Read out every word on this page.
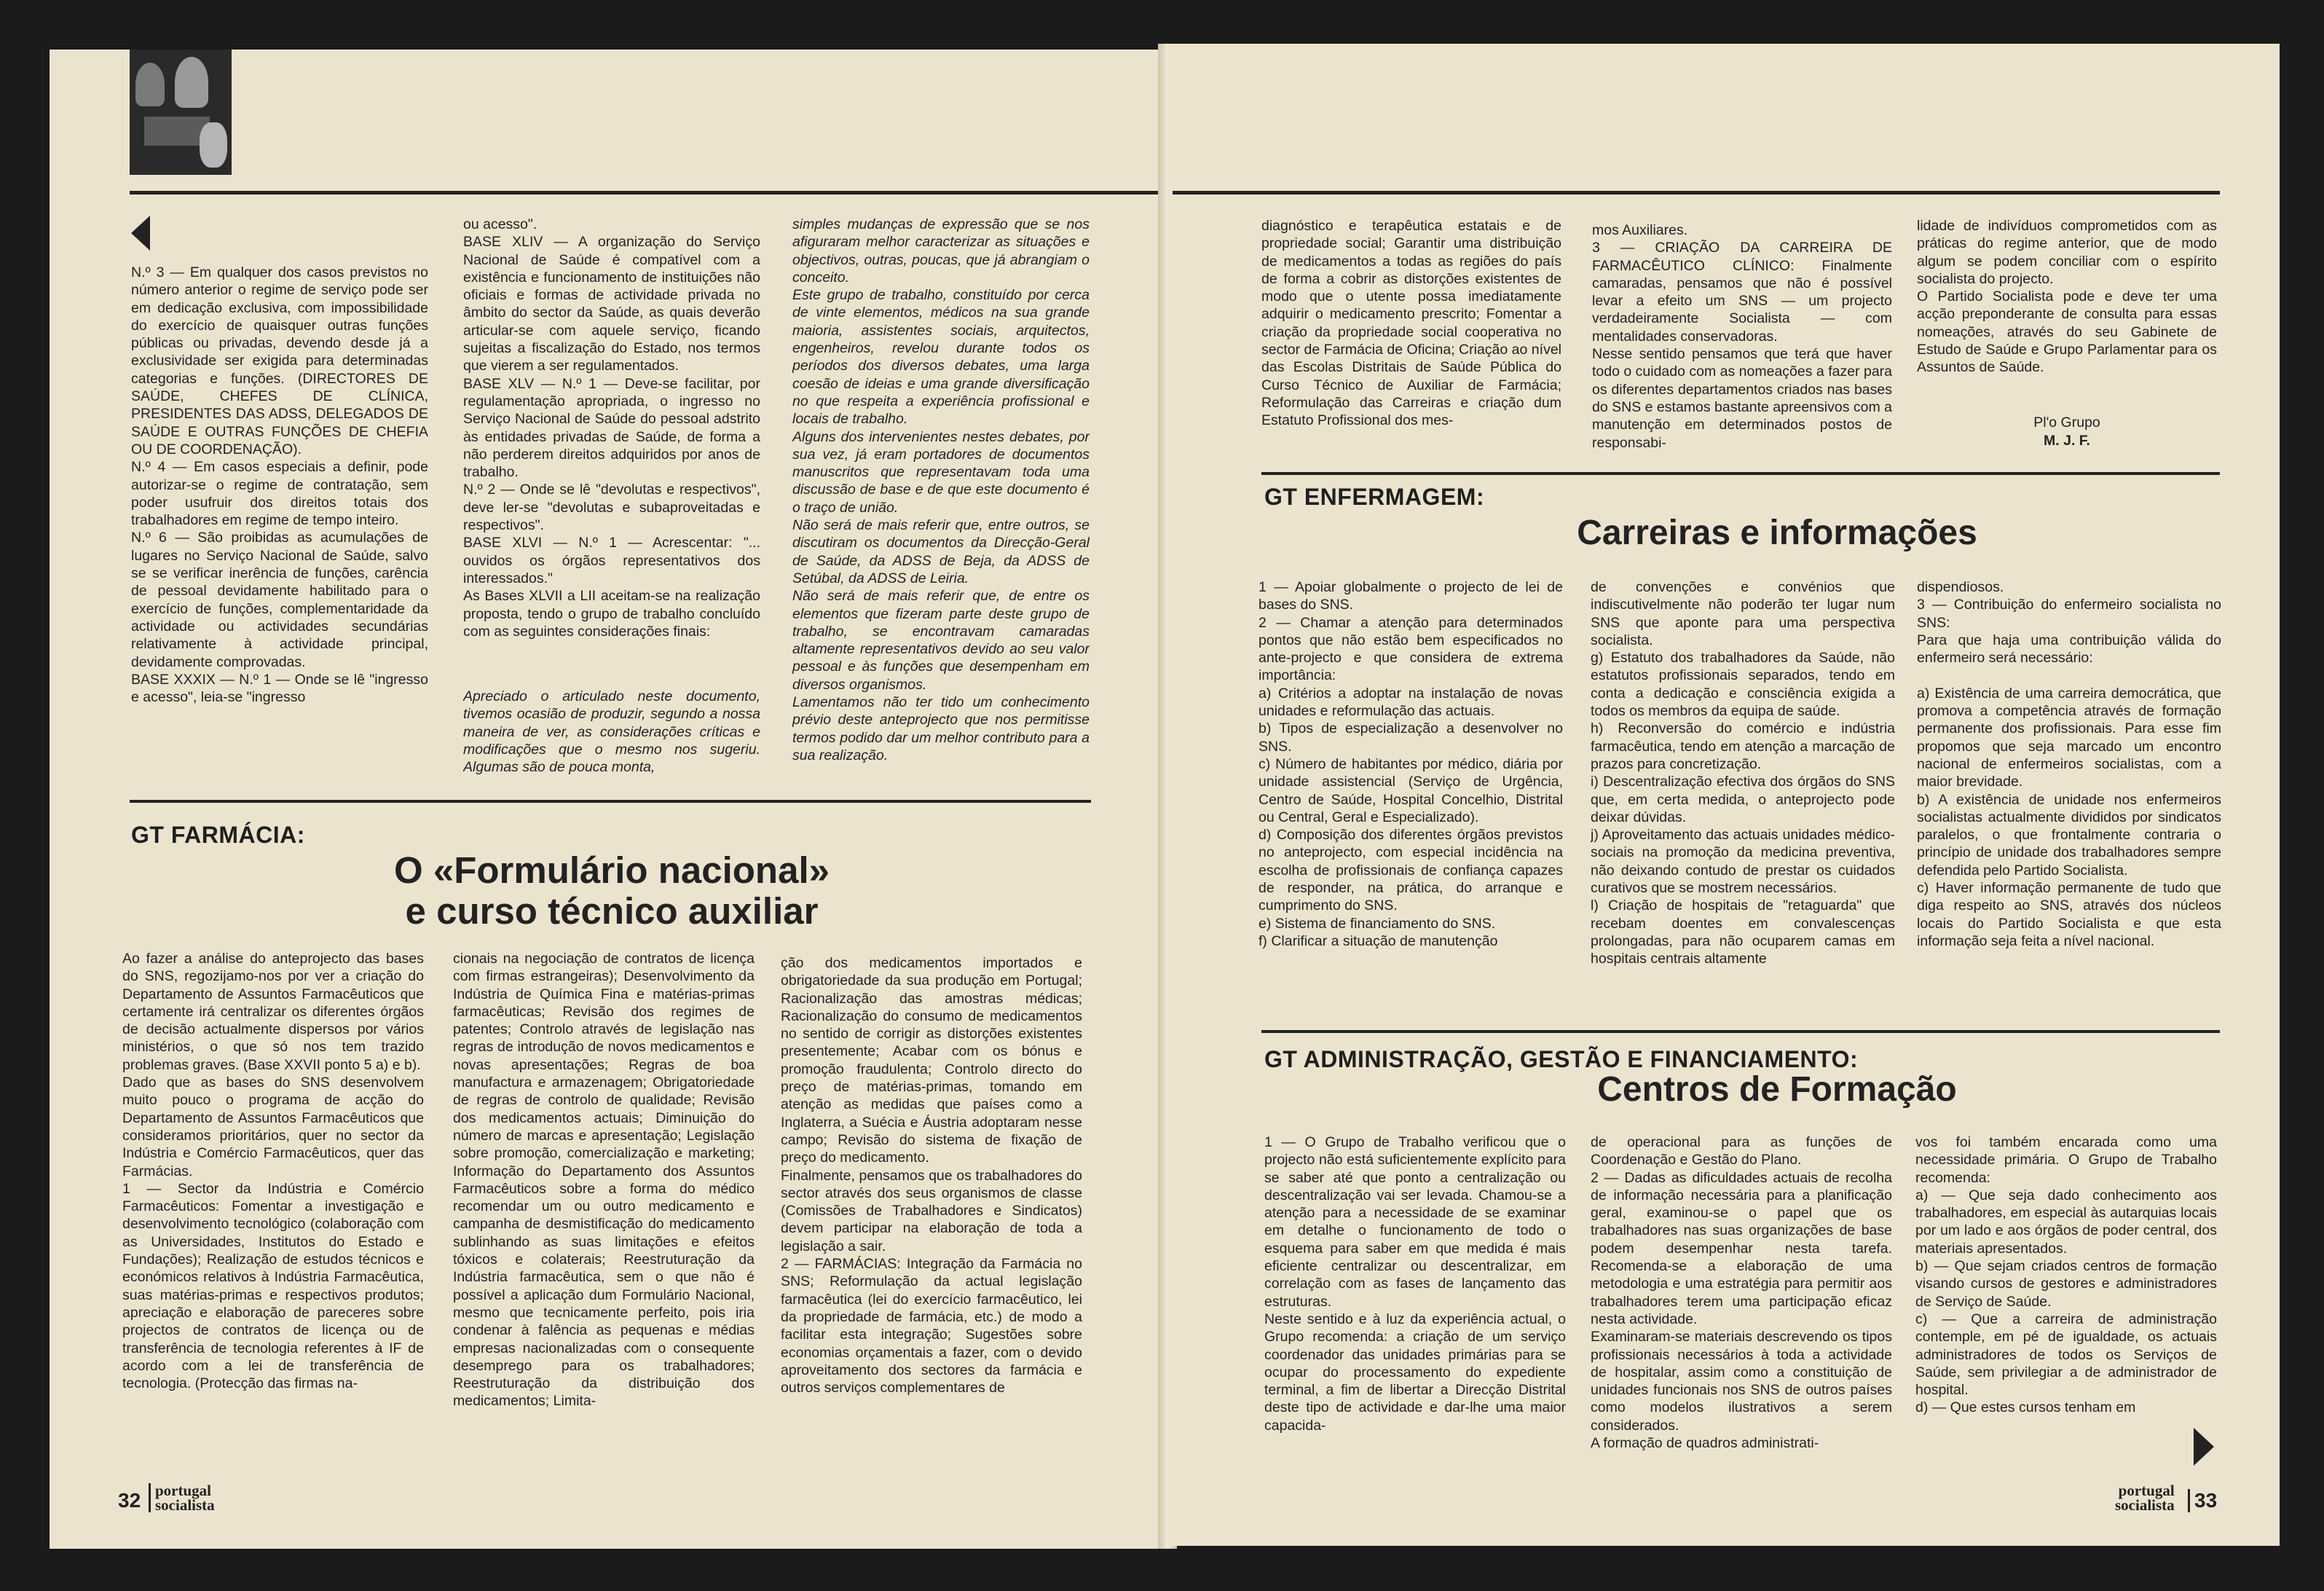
N.º 3 — Em qualquer dos casos previstos no número anterior o regime de serviço pode ser em dedicação exclusiva, com impossibilidade do exercício de quaisquer outras funções públicas ou privadas, devendo desde já a exclusividade ser exigida para determinadas categorias e funções. (DIRECTORES DE SAÚDE, CHEFES DE CLÍNICA, PRESIDENTES DAS ADSS, DELEGADOS DE SAÚDE E OUTRAS FUNÇÕES DE CHEFIA OU DE COORDENAÇÃO).
N.º 4 — Em casos especiais a definir, pode autorizar-se o regime de contratação, sem poder usufruir dos direitos totais dos trabalhadores em regime de tempo inteiro.
N.º 6 — São proibidas as acumulações de lugares no Serviço Nacional de Saúde, salvo se se verificar inerência de funções, carência de pessoal devidamente habilitado para o exercício de funções, complementaridade da actividade ou actividades secundárias relativamente à actividade principal, devidamente comprovadas.
BASE XXXIX — N.º 1 — Onde se lê "ingresso e acesso", leia-se "ingresso
ou acesso".
BASE XLIV — A organização do Serviço Nacional de Saúde é compatível com a existência e funcionamento de instituições não oficiais e formas de actividade privada no âmbito do sector da Saúde, as quais deverão articular-se com aquele serviço, ficando sujeitas a fiscalização do Estado, nos termos que vierem a ser regulamentados.
BASE XLV — N.º 1 — Deve-se facilitar, por regulamentação apropriada, o ingresso no Serviço Nacional de Saúde do pessoal adstrito às entidades privadas de Saúde, de forma a não perderem direitos adquiridos por anos de trabalho.
N.º 2 — Onde se lê "devolutas e respectivos", deve ler-se "devolutas e subaproveitadas e respectivos".
BASE XLVI — N.º 1 — Acrescentar: "... ouvidos os órgãos representativos dos interessados."
As Bases XLVII a LII aceitam-se na realização proposta, tendo o grupo de trabalho concluído com as seguintes considerações finais:
Apreciado o articulado neste documento, tivemos ocasião de produzir, segundo a nossa maneira de ver, as considerações críticas e modificações que o mesmo nos sugeriu. Algumas são de pouca monta,
simples mudanças de expressão que se nos afiguraram melhor caracterizar as situações e objectivos, outras, poucas, que já abrangiam o conceito.
Este grupo de trabalho, constituído por cerca de vinte elementos, médicos na sua grande maioria, assistentes sociais, arquitectos, engenheiros, revelou durante todos os períodos dos diversos debates, uma larga coesão de ideias e uma grande diversificação no que respeita a experiência profissional e locais de trabalho.
Alguns dos intervenientes nestes debates, por sua vez, já eram portadores de documentos manuscritos que representavam toda uma discussão de base e de que este documento é o traço de união.
Não será de mais referir que, entre outros, se discutiram os documentos da Direcção-Geral de Saúde, da ADSS de Beja, da ADSS de Setúbal, da ADSS de Leiria.
Não será de mais referir que, de entre os elementos que fizeram parte deste grupo de trabalho, se encontravam camaradas altamente representativos devido ao seu valor pessoal e às funções que desempenham em diversos organismos.
Lamentamos não ter tido um conhecimento prévio deste anteprojecto que nos permitisse termos podido dar um melhor contributo para a sua realização.
GT FARMÁCIA:
O «Formulário nacional»
e curso técnico auxiliar
Ao fazer a análise do anteprojecto das bases do SNS, regozijamo-nos por ver a criação do Departamento de Assuntos Farmacêuticos que certamente irá centralizar os diferentes órgãos de decisão actualmente dispersos por vários ministérios, o que só nos tem trazido problemas graves. (Base XXVII ponto 5 a) e b).
Dado que as bases do SNS desenvolvem muito pouco o programa de acção do Departamento de Assuntos Farmacêuticos que consideramos prioritários, quer no sector da Indústria e Comércio Farmacêuticos, quer das Farmácias.
1 — Sector da Indústria e Comércio Farmacêuticos: Fomentar a investigação e desenvolvimento tecnológico (colaboração com as Universidades, Institutos do Estado e Fundações); Realização de estudos técnicos e económicos relativos à Indústria Farmacêutica, suas matérias-primas e respectivos produtos; apreciação e elaboração de pareceres sobre projectos de contratos de licença ou de transferência de tecnologia referentes à IF de acordo com a lei de transferência de tecnologia. (Protecção das firmas na-
cionais na negociação de contratos de licença com firmas estrangeiras); Desenvolvimento da Indústria de Química Fina e matérias-primas farmacêuticas; Revisão dos regimes de patentes; Controlo através de legislação nas regras de introdução de novos medicamentos e novas apresentações; Regras de boa manufactura e armazenagem; Obrigatoriedade de regras de controlo de qualidade; Revisão dos medicamentos actuais; Diminuição do número de marcas e apresentação; Legislação sobre promoção, comercialização e marketing; Informação do Departamento dos Assuntos Farmacêuticos sobre a forma do médico recomendar um ou outro medicamento e campanha de desmistificação do medicamento sublinhando as suas limitações e efeitos tóxicos e colaterais; Reestruturação da Indústria farmacêutica, sem o que não é possível a aplicação dum Formulário Nacional, mesmo que tecnicamente perfeito, pois iria condenar à falência as pequenas e médias empresas nacionalizadas com o consequente desemprego para os trabalhadores; Reestruturação da distribuição dos medicamentos; Limita-
ção dos medicamentos importados e obrigatoriedade da sua produção em Portugal; Racionalização das amostras médicas; Racionalização do consumo de medicamentos no sentido de corrigir as distorções existentes presentemente; Acabar com os bónus e promoção fraudulenta; Controlo directo do preço de matérias-primas, tomando em atenção as medidas que países como a Inglaterra, a Suécia e Áustria adoptaram nesse campo; Revisão do sistema de fixação de preço do medicamento.
Finalmente, pensamos que os trabalhadores do sector através dos seus organismos de classe (Comissões de Trabalhadores e Sindicatos) devem participar na elaboração de toda a legislação a sair.
2 — FARMÁCIAS: Integração da Farmácia no SNS; Reformulação da actual legislação farmacêutica (lei do exercício farmacêutico, lei da propriedade de farmácia, etc.) de modo a facilitar esta integração; Sugestões sobre economias orçamentais a fazer, com o devido aproveitamento dos sectores da farmácia e outros serviços complementares de
32 portugal
socialista
diagnóstico e terapêutica estatais e de propriedade social; Garantir uma distribuição de medicamentos a todas as regiões do país de forma a cobrir as distorções existentes de modo que o utente possa imediatamente adquirir o medicamento prescrito; Fomentar a criação da propriedade social cooperativa no sector de Farmácia de Oficina; Criação ao nível das Escolas Distritais de Saúde Pública do Curso Técnico de Auxiliar de Farmácia; Reformulação das Carreiras e criação dum Estatuto Profissional dos mes-
mos Auxiliares.
3 — CRIAÇÃO DA CARREIRA DE FARMACÊUTICO CLÍNICO: Finalmente camaradas, pensamos que não é possível levar a efeito um SNS — um projecto verdadeiramente Socialista — com mentalidades conservadoras.
Nesse sentido pensamos que terá que haver todo o cuidado com as nomeações a fazer para os diferentes departamentos criados nas bases do SNS e estamos bastante apreensivos com a manutenção em determinados postos de responsabi-
lidade de indivíduos comprometidos com as práticas do regime anterior, que de modo algum se podem conciliar com o espírito socialista do projecto.
O Partido Socialista pode e deve ter uma acção preponderante de consulta para essas nomeações, através do seu Gabinete de Estudo de Saúde e Grupo Parlamentar para os Assuntos de Saúde.
Pl'o Grupo
M. J. F.
GT ENFERMAGEM:
Carreiras e informações
1 — Apoiar globalmente o projecto de lei de bases do SNS.
2 — Chamar a atenção para determinados pontos que não estão bem especificados no ante-projecto e que considera de extrema importância:
a) Critérios a adoptar na instalação de novas unidades e reformulação das actuais.
b) Tipos de especialização a desenvolver no SNS.
c) Número de habitantes por médico, diária por unidade assistencial (Serviço de Urgência, Centro de Saúde, Hospital Concelhio, Distrital ou Central, Geral e Especializado).
d) Composição dos diferentes órgãos previstos no anteprojecto, com especial incidência na escolha de profissionais de confiança capazes de responder, na prática, do arranque e cumprimento do SNS.
e) Sistema de financiamento do SNS.
f) Clarificar a situação de manutenção
de convenções e convénios que indiscutivelmente não poderão ter lugar num SNS que aponte para uma perspectiva socialista.
g) Estatuto dos trabalhadores da Saúde, não estatutos profissionais separados, tendo em conta a dedicação e consciência exigida a todos os membros da equipa de saúde.
h) Reconversão do comércio e indústria farmacêutica, tendo em atenção a marcação de prazos para concretização.
i) Descentralização efectiva dos órgãos do SNS que, em certa medida, o anteprojecto pode deixar dúvidas.
j) Aproveitamento das actuais unidades médico-sociais na promoção da medicina preventiva, não deixando contudo de prestar os cuidados curativos que se mostrem necessários.
l) Criação de hospitais de "retaguarda" que recebam doentes em convalescenças prolongadas, para não ocuparem camas em hospitais centrais altamente
dispendiosos.
3 — Contribuição do enfermeiro socialista no SNS:
Para que haja uma contribuição válida do enfermeiro será necessário:

a) Existência de uma carreira democrática, que promova a competência através de formação permanente dos profissionais. Para esse fim propomos que seja marcado um encontro nacional de enfermeiros socialistas, com a maior brevidade.
b) A existência de unidade nos enfermeiros socialistas actualmente divididos por sindicatos paralelos, o que frontalmente contraria o princípio de unidade dos trabalhadores sempre defendida pelo Partido Socialista.
c) Haver informação permanente de tudo que diga respeito ao SNS, através dos núcleos locais do Partido Socialista e que esta informação seja feita a nível nacional.
GT ADMINISTRAÇÃO, GESTÃO E FINANCIAMENTO:
Centros de Formação
1 — O Grupo de Trabalho verificou que o projecto não está suficientemente explícito para se saber até que ponto a centralização ou descentralização vai ser levada. Chamou-se a atenção para a necessidade de se examinar em detalhe o funcionamento de todo o esquema para saber em que medida é mais eficiente centralizar ou descentralizar, em correlação com as fases de lançamento das estruturas.
Neste sentido e à luz da experiência actual, o Grupo recomenda: a criação de um serviço coordenador das unidades primárias para se ocupar do processamento do expediente terminal, a fim de libertar a Direcção Distrital deste tipo de actividade e dar-lhe uma maior capacida-
de operacional para as funções de Coordenação e Gestão do Plano.
2 — Dadas as dificuldades actuais de recolha de informação necessária para a planificação geral, examinou-se o papel que os trabalhadores nas suas organizações de base podem desempenhar nesta tarefa. Recomenda-se a elaboração de uma metodologia e uma estratégia para permitir aos trabalhadores terem uma participação eficaz nesta actividade.
Examinaram-se materiais descrevendo os tipos profissionais necessários à toda a actividade de hospitalar, assim como a constituição de unidades funcionais nos SNS de outros países como modelos ilustrativos a serem considerados.
A formação de quadros administrati-
vos foi também encarada como uma necessidade primária. O Grupo de Trabalho recomenda:
a) — Que seja dado conhecimento aos trabalhadores, em especial às autarquias locais por um lado e aos órgãos de poder central, dos materiais apresentados.
b) — Que sejam criados centros de formação visando cursos de gestores e administradores de Serviço de Saúde.
c) — Que a carreira de administração contemple, em pé de igualdade, os actuais administradores de todos os Serviços de Saúde, sem privilegiar a de administrador de hospital.
d) — Que estes cursos tenham em
portugal
socialista 33
